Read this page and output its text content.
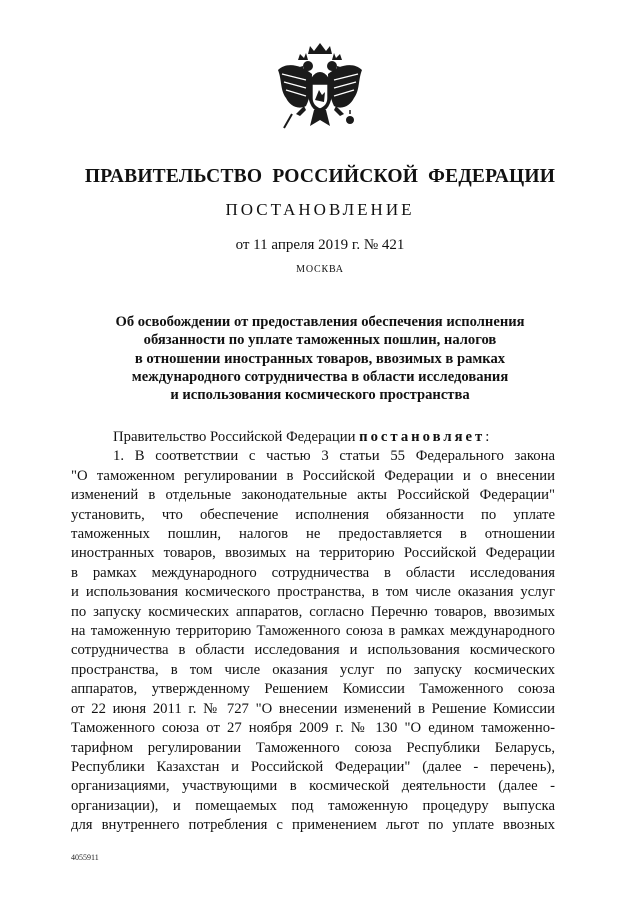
ПРАВИТЕЛЬСТВО РОССИЙСКОЙ ФЕДЕРАЦИИ
ПОСТАНОВЛЕНИЕ
от 11 апреля 2019 г. № 421
МОСКВА
Об освобождении от предоставления обеспечения исполнения
обязанности по уплате таможенных пошлин, налогов
в отношении иностранных товаров, ввозимых в рамках
международного сотрудничества в области исследования
и использования космического пространства
Правительство Российской Федерации постановляет:
1. В соответствии с частью 3 статьи 55 Федерального закона
"О таможенном регулировании в Российской Федерации и о внесении
изменений в отдельные законодательные акты Российской Федерации"
установить, что обеспечение исполнения обязанности по уплате
таможенных пошлин, налогов не предоставляется в отношении
иностранных товаров, ввозимых на территорию Российской Федерации
в рамках международного сотрудничества в области исследования
и использования космического пространства, в том числе оказания услуг
по запуску космических аппаратов, согласно Перечню товаров, ввозимых
на таможенную территорию Таможенного союза в рамках международного
сотрудничества в области исследования и использования космического
пространства, в том числе оказания услуг по запуску космических
аппаратов, утвержденному Решением Комиссии Таможенного союза
от 22 июня 2011 г. № 727 "О внесении изменений в Решение Комиссии
Таможенного союза от 27 ноября 2009 г. № 130 "О едином таможенно-
тарифном регулировании Таможенного союза Республики Беларусь,
Республики Казахстан и Российской Федерации" (далее - перечень),
организациями, участвующими в космической деятельности (далее -
организации), и помещаемых под таможенную процедуру выпуска
для внутреннего потребления с применением льгот по уплате ввозных
4055911
